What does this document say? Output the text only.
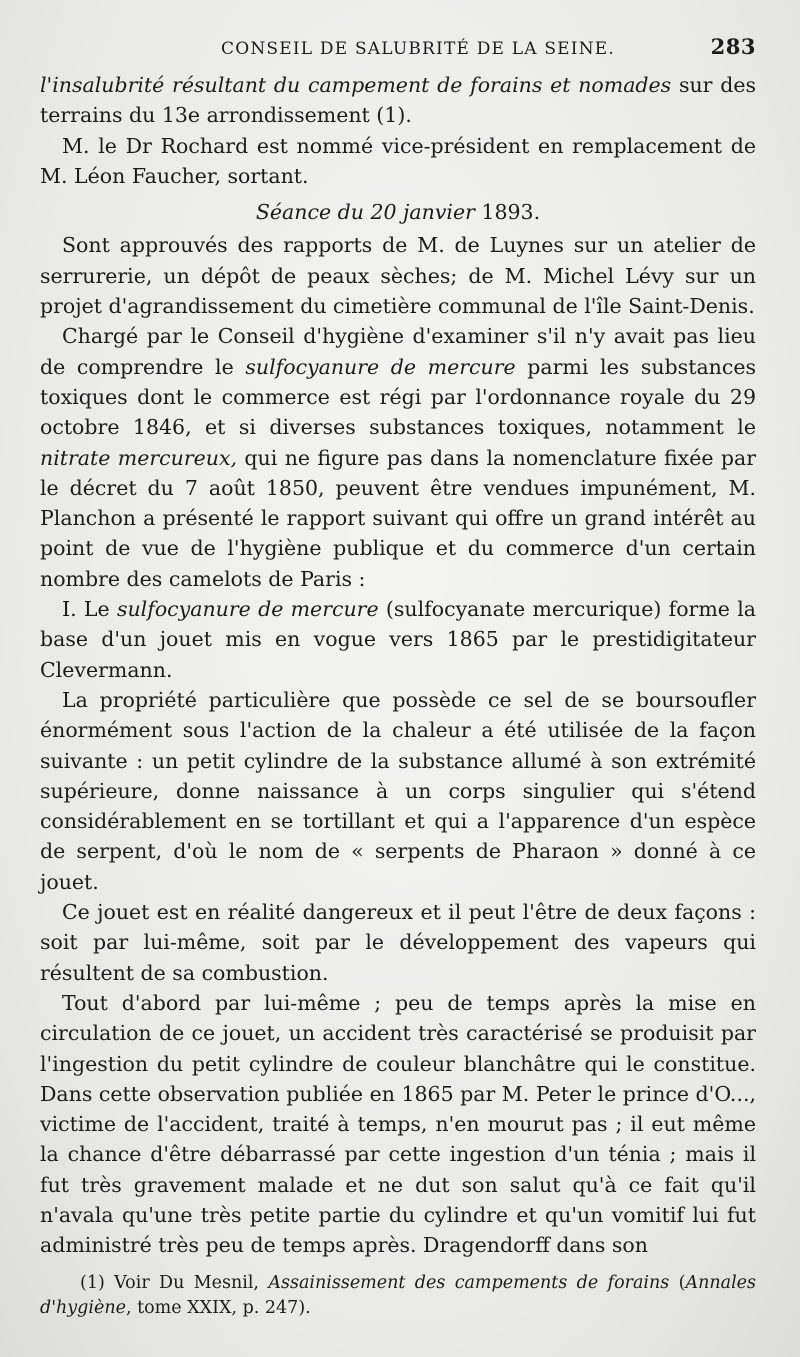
CONSEIL DE SALUBRITÉ DE LA SEINE.	283

l'insalubrité résultant du campement de forains et nomades sur des terrains du 13e arrondissement (1).

M. le Dr Rochard est nommé vice-président en remplacement de M. Léon Faucher, sortant.

Séance du 20 janvier 1893.

Sont approuvés des rapports de M. de Luynes sur un atelier de serrurerie, un dépôt de peaux sèches; de M. Michel Lévy sur un projet d'agrandissement du cimetière communal de l'île Saint-Denis.

Chargé par le Conseil d'hygiène d'examiner s'il n'y avait pas lieu de comprendre le sulfocyanure de mercure parmi les substances toxiques dont le commerce est régi par l'ordonnance royale du 29 octobre 1846, et si diverses substances toxiques, notamment le nitrate mercureux, qui ne figure pas dans la nomenclature fixée par le décret du 7 août 1850, peuvent être vendues impunément, M. Planchon a présenté le rapport suivant qui offre un grand intérêt au point de vue de l'hygiène publique et du commerce d'un certain nombre des camelots de Paris :

I. Le sulfocyanure de mercure (sulfocyanate mercurique) forme la base d'un jouet mis en vogue vers 1865 par le prestidigitateur Clevermann.

La propriété particulière que possède ce sel de se boursoufler énormément sous l'action de la chaleur a été utilisée de la façon suivante : un petit cylindre de la substance allumé à son extrémité supérieure, donne naissance à un corps singulier qui s'étend considérablement en se tortillant et qui a l'apparence d'un espèce de serpent, d'où le nom de « serpents de Pharaon » donné à ce jouet.

Ce jouet est en réalité dangereux et il peut l'être de deux façons : soit par lui-même, soit par le développement des vapeurs qui résultent de sa combustion.

Tout d'abord par lui-même ; peu de temps après la mise en circulation de ce jouet, un accident très caractérisé se produisit par l'ingestion du petit cylindre de couleur blanchâtre qui le constitue. Dans cette observation publiée en 1865 par M. Peter le prince d'O..., victime de l'accident, traité à temps, n'en mourut pas ; il eut même la chance d'être débarrassé par cette ingestion d'un ténia ; mais il fut très gravement malade et ne dut son salut qu'à ce fait qu'il n'avala qu'une très petite partie du cylindre et qu'un vomitif lui fut administré très peu de temps après. Dragendorff dans son

(1) Voir Du Mesnil, Assainissement des campements de forains (Annales d'hygiène, tome XXIX, p. 247).
